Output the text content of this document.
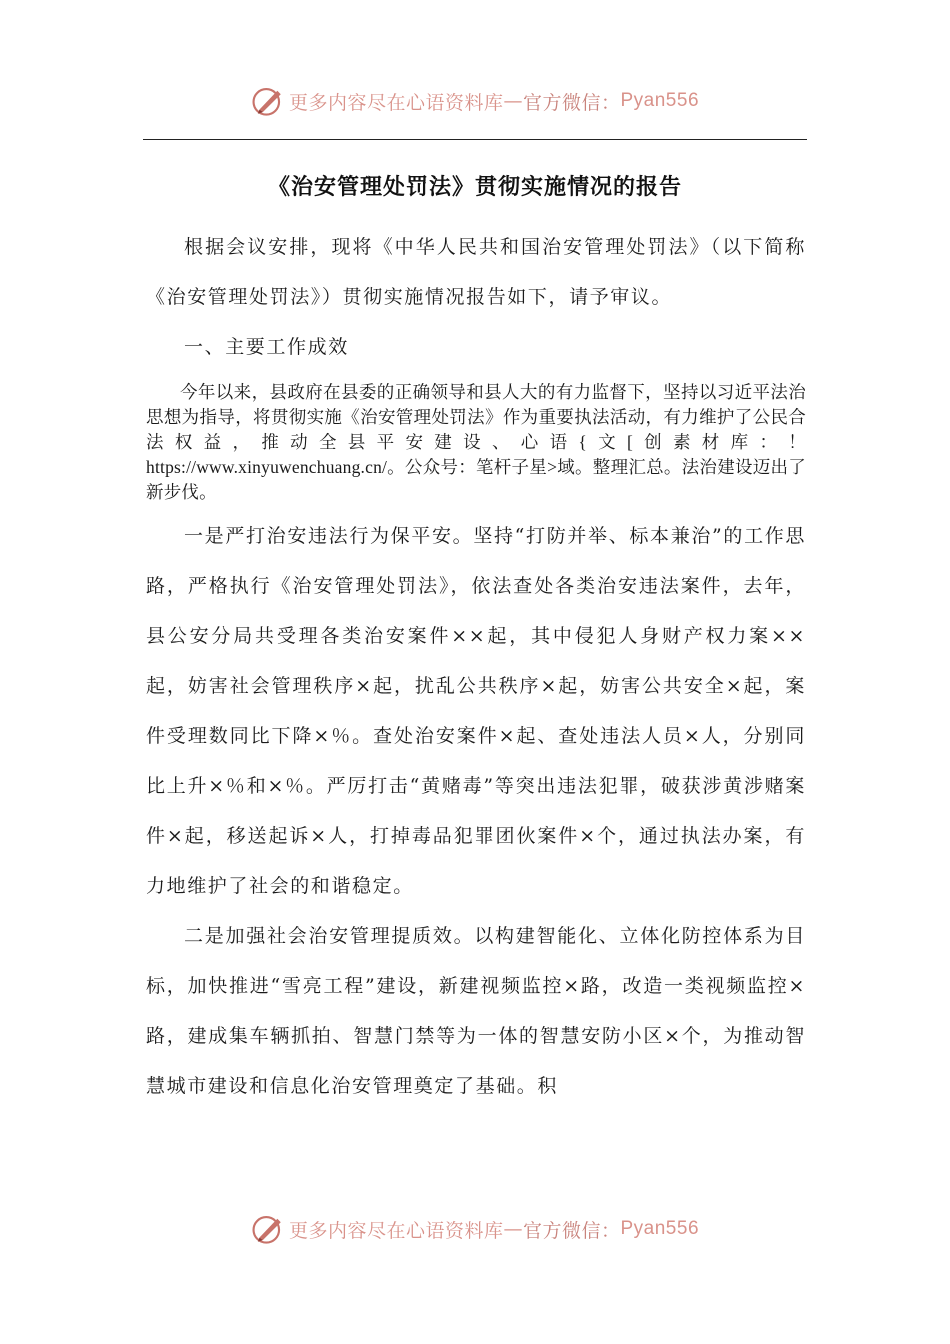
更多内容尽在心语资料库 — 官方微信： Pyan556
《治安管理处罚法》贯彻实施情况的报告

根据会议安排，现将《中华人民共和国治安管理处罚法》（以下简称《治安管理处罚法》）贯彻实施情况报告如下，请予审议。

一、主要工作成效

今年以来，县政府在县委的正确领导和县人大的有力监督下，坚持以习近平法治思想为指导，将贯彻实施《治安管理处罚法》作为重要执法活动，有力维护了公民合法权益，推动全县平安建设、心语{文[创素材库：！https://www.xinyuwenchuang.cn/。公众号：笔杆子星>域。整理汇总。法治建设迈出了新步伐。

一是严打治安违法行为保平安。坚持“打防并举、标本兼治”的工作思路，严格执行《治安管理处罚法》，依法查处各类治安违法案件，去年，县公安分局共受理各类治安案件××起，其中侵犯人身财产权力案××起，妨害社会管理秩序×起，扰乱公共秩序×起，妨害公共安全×起，案件受理数同比下降×％。查处治安案件×起、查处违法人员×人，分别同比上升×％和×％。严厉打击“黄赌毒”等突出违法犯罪，破获涉黄涉赌案件×起，移送起诉×人，打掉毒品犯罪团伙案件×个，通过执法办案，有力地维护了社会的和谐稳定。

二是加强社会治安管理提质效。以构建智能化、立体化防控体系为目标，加快推进“雪亮工程”建设，新建视频监控×路，改造一类视频监控×路，建成集车辆抓拍、智慧门禁等为一体的智慧安防小区×个，为推动智慧城市建设和信息化治安管理奠定了基础。积

更多内容尽在心语资料库 — 官方微信： Pyan556
